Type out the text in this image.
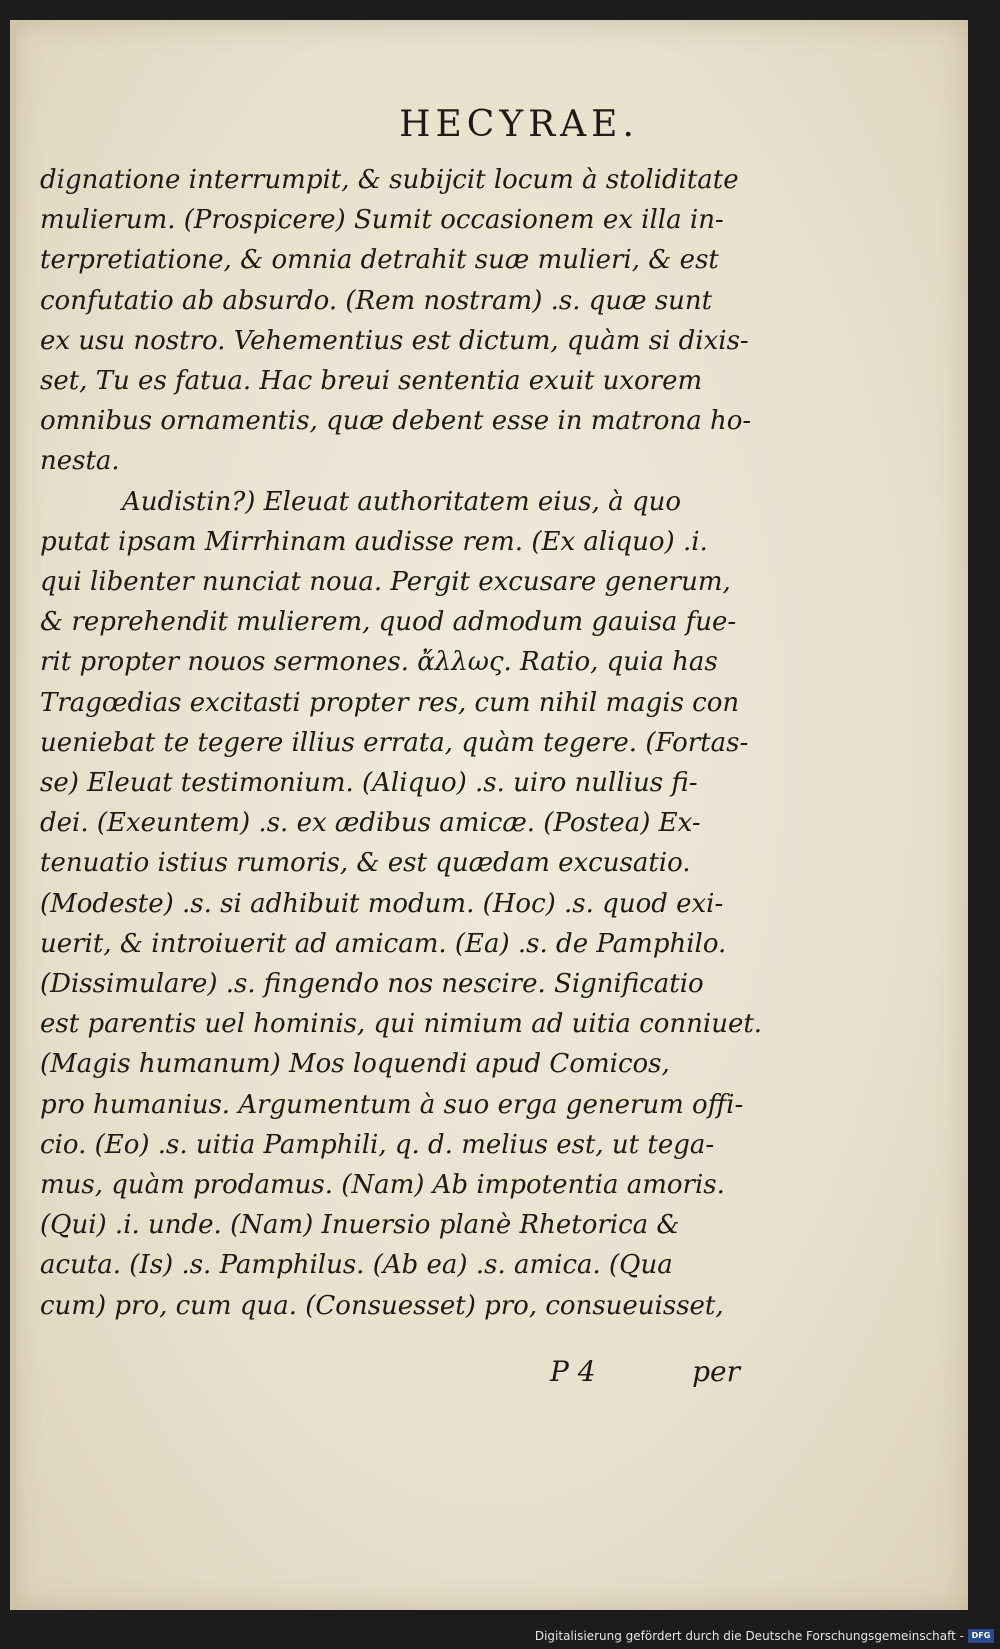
HECYRAE.

dignatione interrumpit, & subijcit locum à stoliditate

mulierum. (Prospicere) Sumit occasionem ex illa in-

terpretiatione, & omnia detrahit suæ mulieri, & est

confutatio ab absurdo. (Rem nostram) .s. quæ sunt

ex usu nostro. Vehementius est dictum, quàm si dixis-

set, Tu es fatua. Hac breui sententia exuit uxorem

omnibus ornamentis, quæ debent esse in matrona ho-

nesta.

Audistin?) Eleuat authoritatem eius, à quo

putat ipsam Mirrhinam audisse rem. (Ex aliquo) .i.

qui libenter nunciat noua. Pergit excusare generum,

& reprehendit mulierem, quod admodum gauisa fue-

rit propter nouos sermones. ἄλλως. Ratio, quia has

Tragœdias excitasti propter res, cum nihil magis con

ueniebat te tegere illius errata, quàm tegere. (Fortas-

se) Eleuat testimonium. (Aliquo) .s. uiro nullius fi-

dei. (Exeuntem) .s. ex ædibus amicæ. (Postea) Ex-

tenuatio istius rumoris, & est quædam excusatio.

(Modeste) .s. si adhibuit modum. (Hoc) .s. quod exi-

uerit, & introiuerit ad amicam. (Ea) .s. de Pamphilo.

(Dissimulare) .s. fingendo nos nescire. Significatio

est parentis uel hominis, qui nimium ad uitia conniuet.

(Magis humanum) Mos loquendi apud Comicos,

pro humanius. Argumentum à suo erga generum offi-

cio. (Eo) .s. uitia Pamphili, q. d. melius est, ut tega-

mus, quàm prodamus. (Nam) Ab impotentia amoris.

(Qui) .i. unde. (Nam) Inuersio planè Rhetorica &

acuta. (Is) .s. Pamphilus. (Ab ea) .s. amica. (Qua

cum) pro, cum qua. (Consuesset) pro, consueuisset,

P 4	per
Digitalisierung gefördert durch die Deutsche Forschungsgemeinschaft - DFG
